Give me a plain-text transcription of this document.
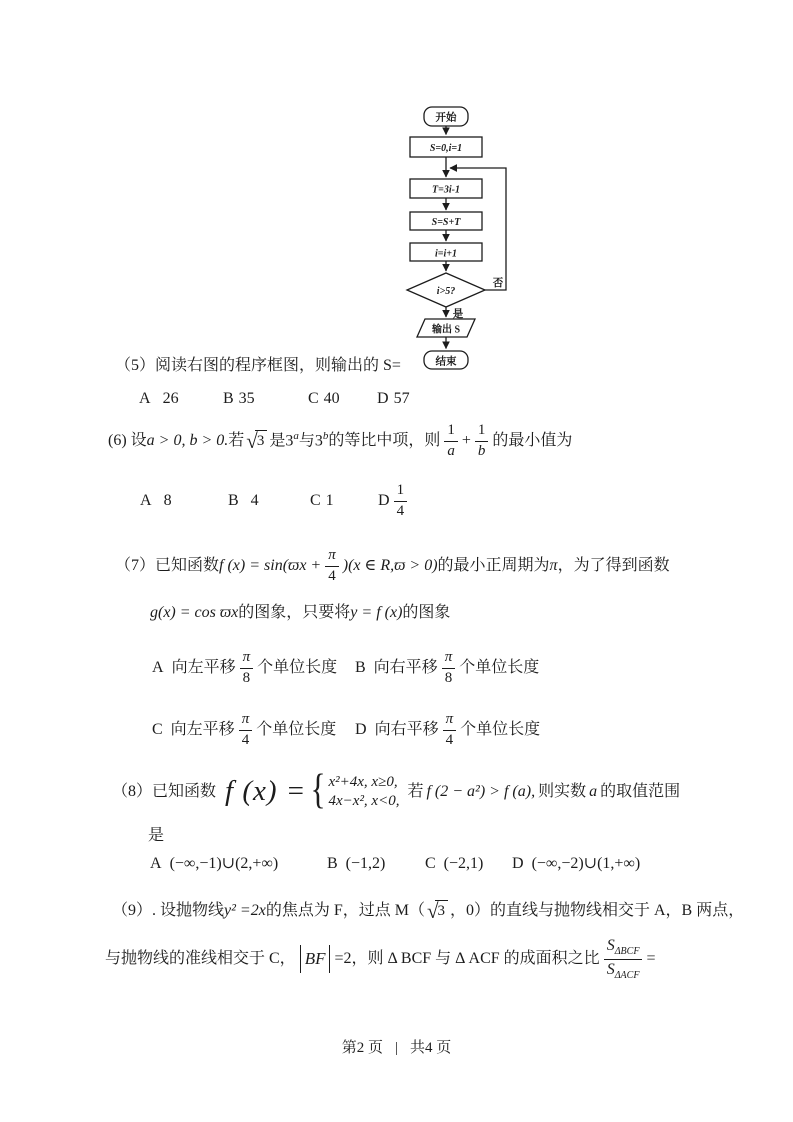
开始
S=0,i=1
T=3i-1
S=S+T
i=i+1
i>5?
否
是
输出 S
结束
（5）阅读右图的程序框图，则输出的 S=
A 26	B 35	C 40 D 57
(6) 设 a > 0, b > 0. 若 √ 3 是3$^a$与3$^b$ 的等比中项，则 $\frac{1}{a} + \frac{1}{b}$ 的最小值为
A 8	B 4	C 1	D $\frac{1}{4}$
（7）已知函数 f $(x) = \sin(ϖx + \frac{\pi}{4} )(x$ ∈ R,ϖ > 0) 的最小正周期为 π ，为了得到函数
g(x) = cos ϖx 的图象，只要将 y = f (x) 的图象
A 向左平移 $\frac{\pi}{8}$ 个单位长度 B 向右平移 $\frac{\pi}{8}$ 个单位长度
C 向左平移 $\frac{\pi}{4}$ 个单位长度 D 向右平移 $\frac{\pi}{4}$ 个单位长度
（8）已知函数 f (x) = { x²+4x, x≥0,
4x−x², x<0,
若 f (2 − a²) > f (a), 则实数 a 的取值范围
是
A (−∞,−1)∪(2,+∞)	B (−1,2) C (−2,1) D (−∞,−2)∪(1,+∞)
（9）. 设抛物线 y² =2x 的焦点为 F，过点 M（ √ 3 ，0）的直线与抛物线相交于 A，B 两点，
与抛物线的准线相交于 C， BF =2，则 Δ BCF 与 Δ ACF 的成面积之比 $\frac{S_{\Delta BCF}}{S_{\Delta ACF}}$ =
第2 页 | 共4 页
